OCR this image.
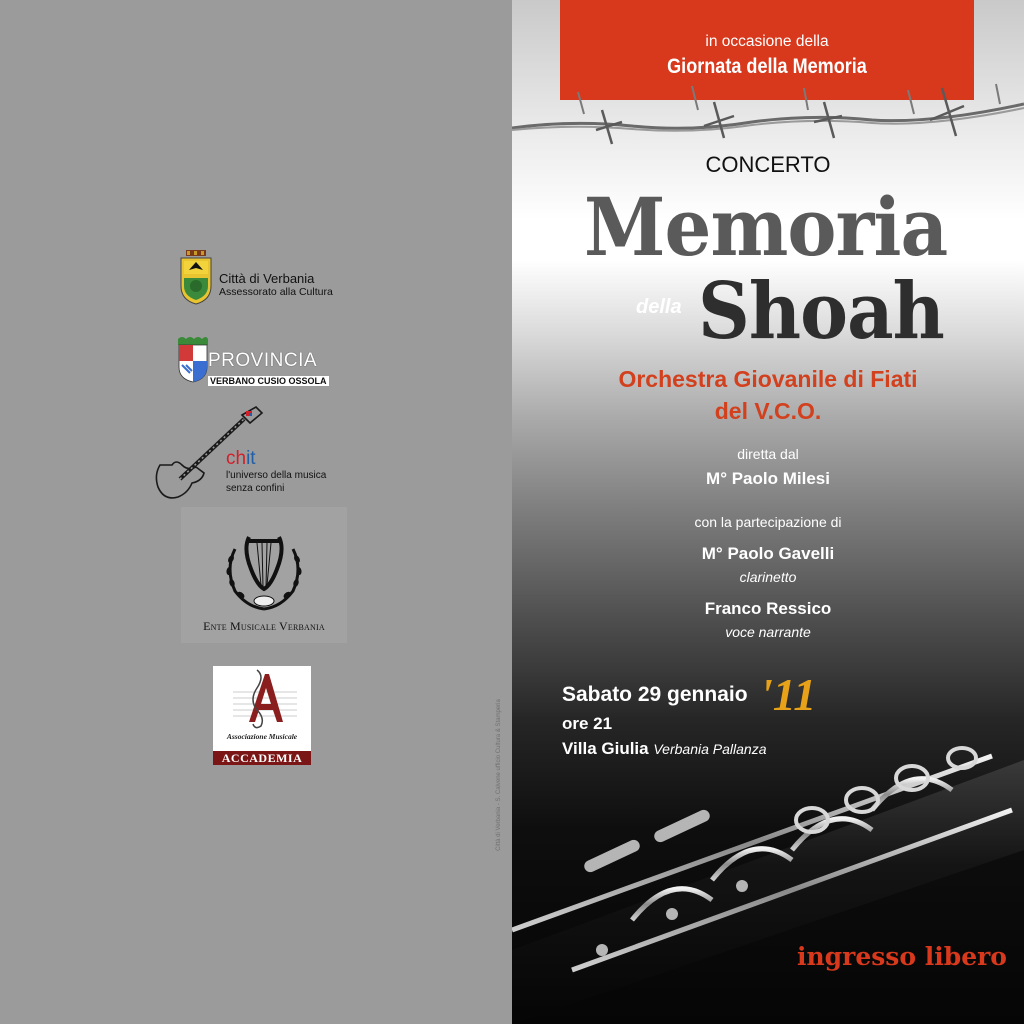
Città di Verbania
Assessorato alla Cultura
PROVINCIA
VERBANO CUSIO OSSOLA
chit
l'universo della musica
senza confini
Ente Musicale Verbania
Associazione Musicale
ACCADEMIA	Città di Verbania - S. Calvene ufficio Cultura & Stamperia
in occasione della
Giornata della Memoria
CONCERTO
Memoria
della Shoah
Orchestra Giovanile di Fiati
del V.C.O.
diretta dal
M° Paolo Milesi
con la partecipazione di
M° Paolo Gavelli
clarinetto
Franco Ressico
voce narrante
Sabato 29 gennaio '11
ore 21
Villa Giulia Verbania Pallanza
ingresso libero
